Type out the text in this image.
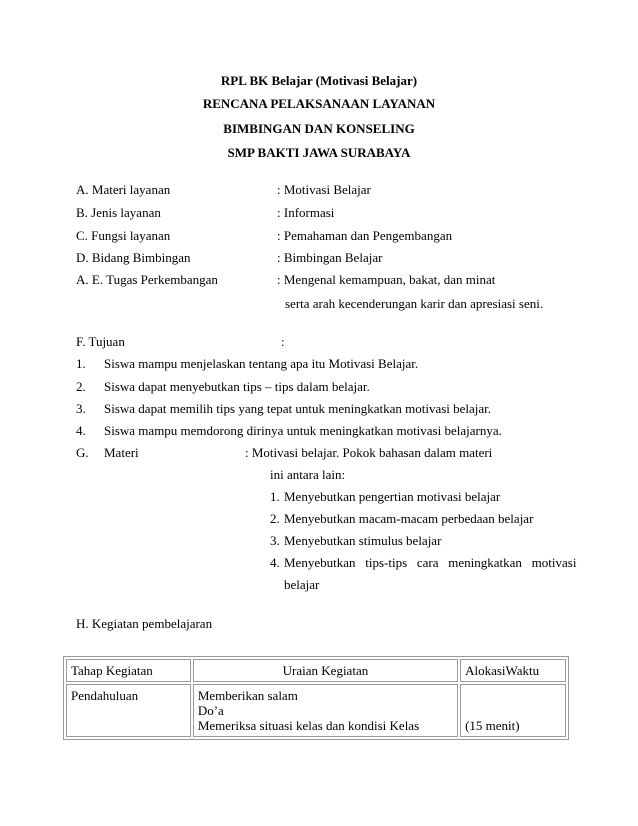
RPL BK Belajar (Motivasi Belajar)
RENCANA PELAKSANAAN LAYANAN
BIMBINGAN DAN KONSELING
SMP BAKTI JAWA SURABAYA
A. Materi layanan	: Motivasi Belajar
B. Jenis layanan	: Informasi
C. Fungsi layanan	: Pemahaman dan Pengembangan
D. Bidang Bimbingan	: Bimbingan Belajar
A. E. Tugas Perkembangan	: Mengenal kemampuan, bakat, dan minat
serta arah kecenderungan karir dan apresiasi seni.
F. Tujuan	:
1. Siswa mampu menjelaskan tentang apa itu Motivasi Belajar.
2. Siswa dapat menyebutkan tips – tips dalam belajar.
3. Siswa dapat memilih tips yang tepat untuk meningkatkan motivasi belajar.
4. Siswa mampu memdorong dirinya untuk meningkatkan motivasi belajarnya.
G. Materi	: Motivasi belajar. Pokok bahasan dalam materi
ini antara lain:
1. Menyebutkan pengertian motivasi belajar
2. Menyebutkan macam-macam perbedaan belajar
3. Menyebutkan stimulus belajar
4. Menyebutkan   tips-tips   cara   meningkatkan   motivasi
belajar
H. Kegiatan pembelajaran
Tahap Kegiatan	Uraian Kegiatan	AlokasiWaktu
Pendahuluan	Memberikan salam
Do’a
Memeriksa situasi kelas dan kondisi Kelas	(15 menit)
